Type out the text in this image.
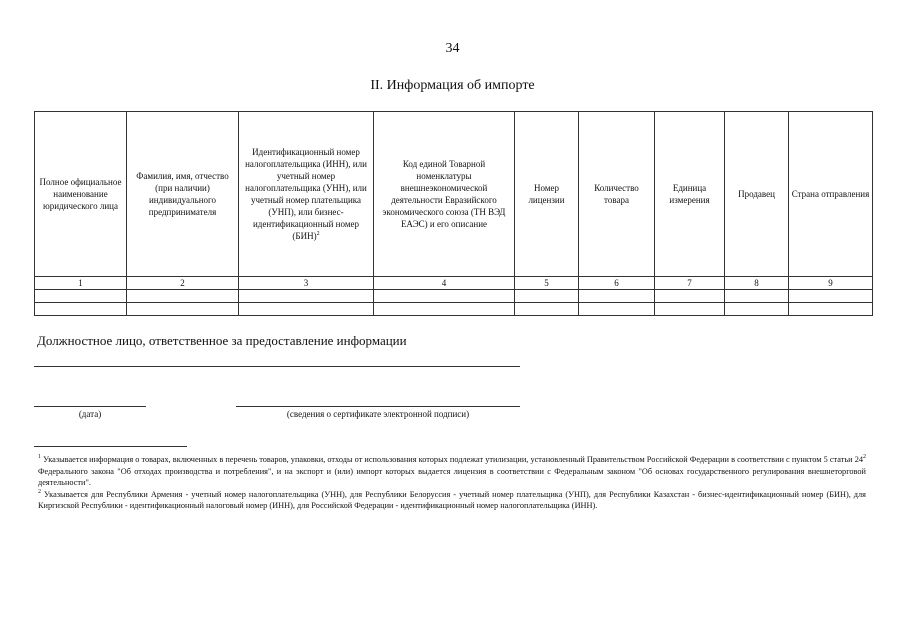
34
II. Информация об импорте
Полное официальное наименование юридического лица	Фамилия, имя, отчество (при наличии) индивидуального предпринимателя	Идентификационный номер налогоплательщика (ИНН), или учетный номер налогоплательщика (УНН), или учетный номер плательщика (УНП), или бизнес-идентификационный номер (БИН)$^2$	Код единой Товарной номенклатуры внешнеэкономической деятельности Евразийского экономического союза (ТН ВЭД ЕАЭС) и его описание	Номер лицензии	Количество товара	Единица измерения	Продавец	Страна отправления
1	2	3	4	5	6	7	8	9

Должностное лицо, ответственное за предоставление информации
(дата)	(сведения о сертификате электронной подписи)

$^1$ Указывается информация о товарах, включенных в перечень товаров, упаковки, отходы от использования которых подлежат утилизации, установленный Правительством Российской Федерации в соответствии с пунктом 5 статьи $24^2$ Федерального закона "Об отходах производства и потребления", и на экспорт и (или) импорт которых выдается лицензия в соответствии с Федеральным законом "Об основах государственного регулирования внешнеторговой деятельности".

$^2$ Указывается для Республики Армения - учетный номер налогоплательщика (УНН), для Республики Белоруссия - учетный номер плательщика (УНП), для Республики Казахстан - бизнес-идентификационный номер (БИН), для Киргизской Республики - идентификационный налоговый номер (ИНН), для Российской Федерации - идентификационный номер налогоплательщика (ИНН).
